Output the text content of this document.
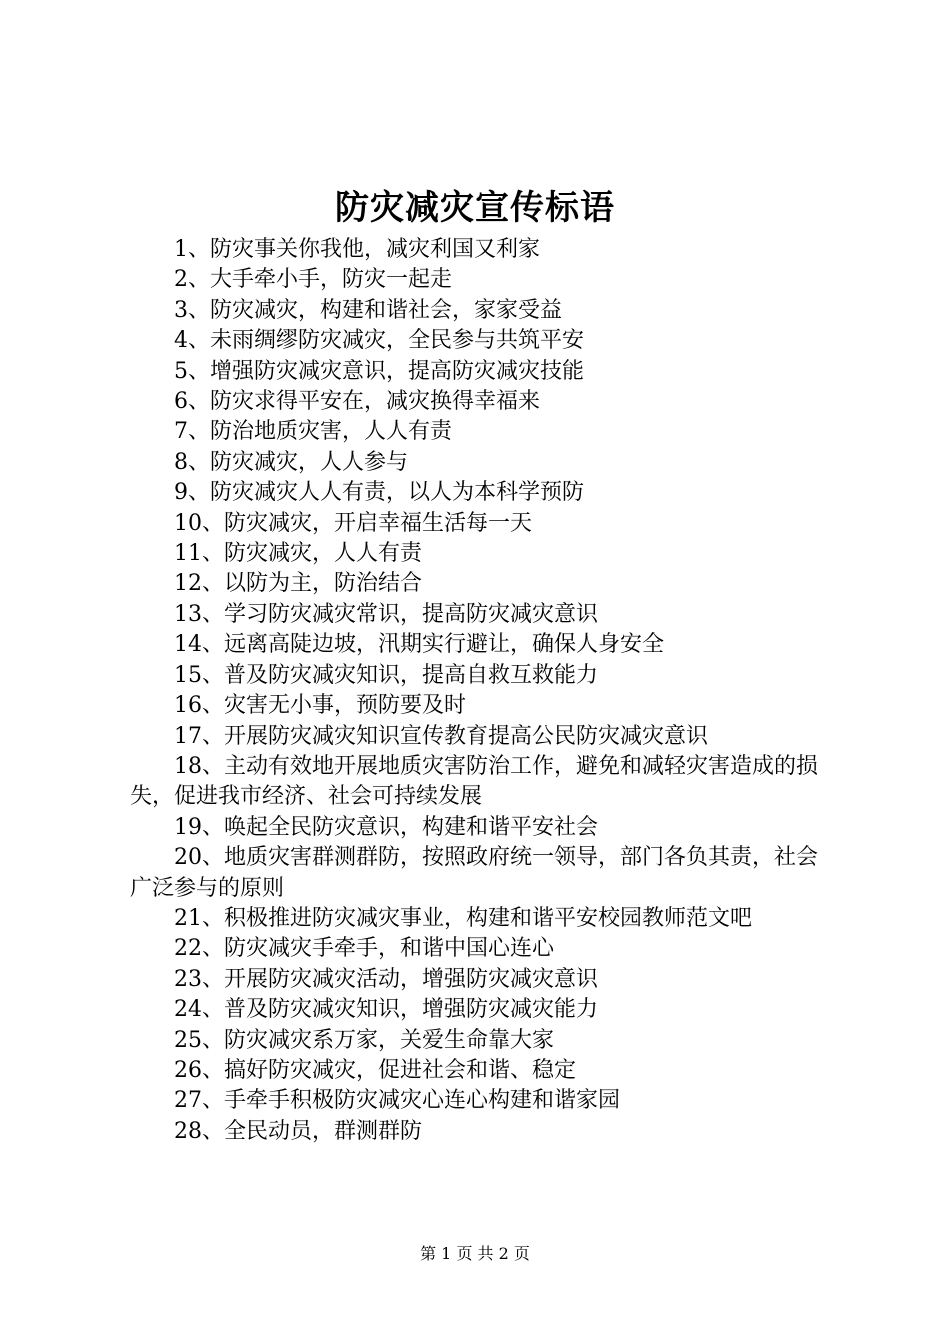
防灾减灾宣传标语

1、防灾事关你我他，减灾利国又利家

2、大手牵小手，防灾一起走

3、防灾减灾，构建和谐社会，家家受益

4、未雨绸缪防灾减灾，全民参与共筑平安

5、增强防灾减灾意识，提高防灾减灾技能

6、防灾求得平安在，减灾换得幸福来

7、防治地质灾害，人人有责

8、防灾减灾，人人参与

9、防灾减灾人人有责，以人为本科学预防

10、防灾减灾，开启幸福生活每一天

11、防灾减灾，人人有责

12、以防为主，防治结合

13、学习防灾减灾常识，提高防灾减灾意识

14、远离高陡边坡，汛期实行避让，确保人身安全

15、普及防灾减灾知识，提高自救互救能力

16、灾害无小事，预防要及时

17、开展防灾减灾知识宣传教育提高公民防灾减灾意识

18、主动有效地开展地质灾害防治工作，避免和减轻灾害造成的损失，促进我市经济、社会可持续发展

19、唤起全民防灾意识，构建和谐平安社会

20、地质灾害群测群防，按照政府统一领导，部门各负其责，社会广泛参与的原则

21、积极推进防灾减灾事业，构建和谐平安校园教师范文吧

22、防灾减灾手牵手，和谐中国心连心

23、开展防灾减灾活动，增强防灾减灾意识

24、普及防灾减灾知识，增强防灾减灾能力

25、防灾减灾系万家，关爱生命靠大家

26、搞好防灾减灾，促进社会和谐、稳定

27、手牵手积极防灾减灾心连心构建和谐家园

28、全民动员，群测群防

第 1 页 共 2 页
